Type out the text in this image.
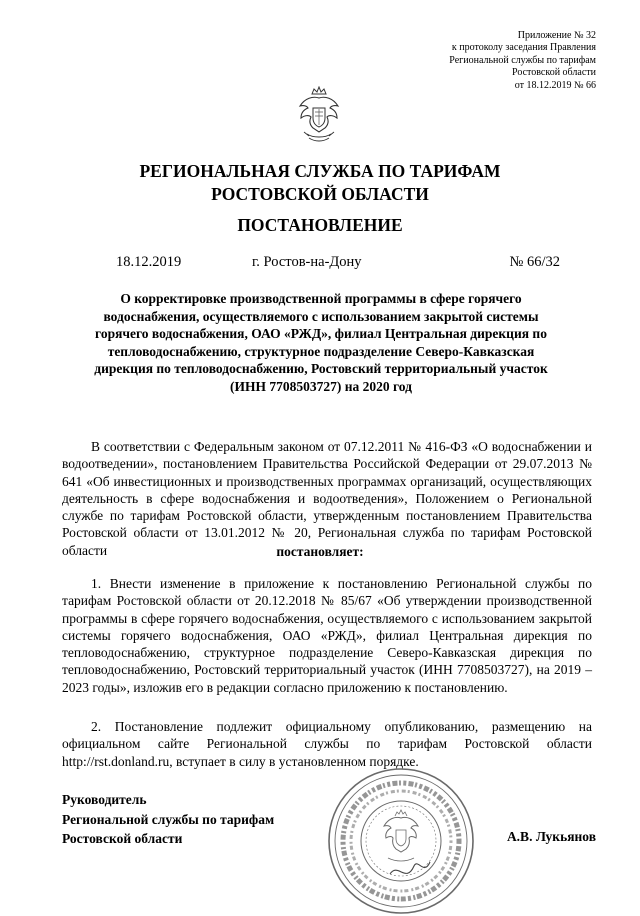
Приложение № 32
к протоколу заседания Правления
Региональной службы по тарифам
Ростовской области
от 18.12.2019 № 66
РЕГИОНАЛЬНАЯ СЛУЖБА ПО ТАРИФАМ
РОСТОВСКОЙ ОБЛАСТИ
ПОСТАНОВЛЕНИЕ
18.12.2019	г. Ростов-на-Дону	№ 66/32
О корректировке производственной программы в сфере горячего водоснабжения, осуществляемого с использованием закрытой системы горячего водоснабжения, ОАО «РЖД», филиал Центральная дирекция по тепловодоснабжению, структурное подразделение Северо-Кавказская дирекция по тепловодоснабжению, Ростовский территориальный участок (ИНН 7708503727) на 2020 год
В соответствии с Федеральным законом от 07.12.2011 № 416-ФЗ «О водоснабжении и водоотведении», постановлением Правительства Российской Федерации от 29.07.2013 № 641 «Об инвестиционных и производственных программах организаций, осуществляющих деятельность в сфере водоснабжения и водоотведения», Положением о Региональной службе по тарифам Ростовской области, утвержденным постановлением Правительства Ростовской области от 13.01.2012 № 20, Региональная служба по тарифам Ростовской области	постановляет:
1. Внести изменение в приложение к постановлению Региональной службы по тарифам Ростовской области от 20.12.2018 № 85/67 «Об утверждении производственной программы в сфере горячего водоснабжения, осуществляемого с использованием закрытой системы горячего водоснабжения, ОАО «РЖД», филиал Центральная дирекция по тепловодоснабжению, структурное подразделение Северо-Кавказская дирекция по тепловодоснабжению, Ростовский территориальный участок (ИНН 7708503727), на 2019 – 2023 годы», изложив его в редакции согласно приложению к постановлению.
2. Постановление подлежит официальному опубликованию, размещению на официальном сайте Региональной службы по тарифам Ростовской области http://rst.donland.ru, вступает в силу в установленном порядке.
Руководитель
Региональной службы по тарифам
Ростовской области	А.В. Лукьянов
